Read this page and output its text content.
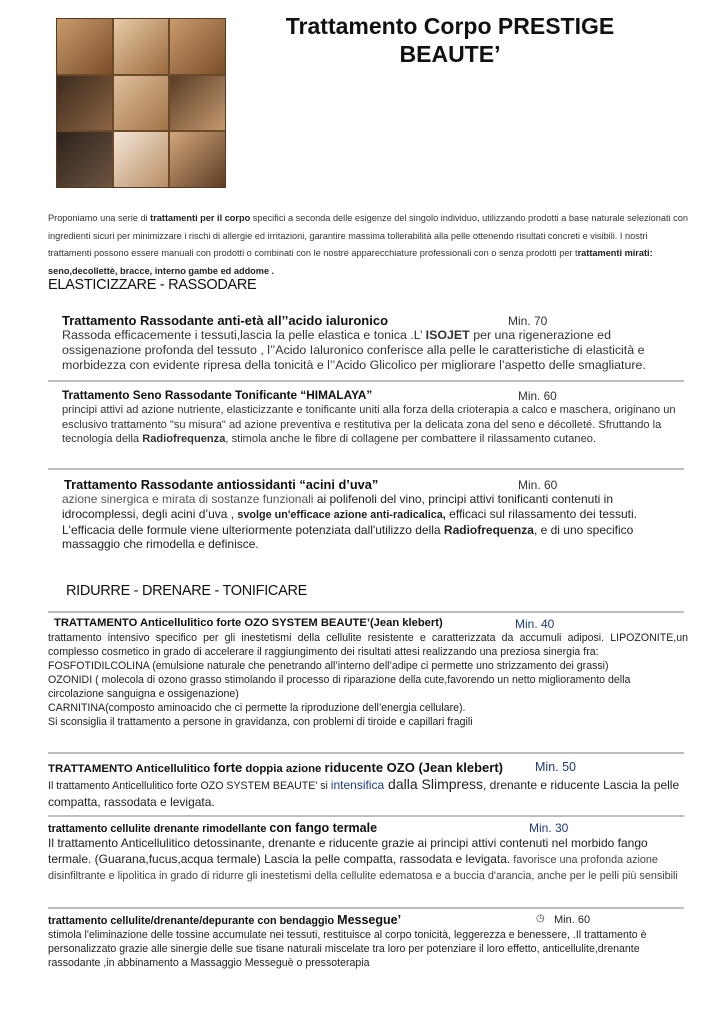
Trattamento Corpo PRESTIGE BEAUTE’
Proponiamo una serie di trattamenti per il corpo specifici a seconda delle esigenze del singolo individuo, utilizzando prodotti a base naturale selezionati con ingredienti sicuri per minimizzare i rischi di allergie ed irritazioni, garantire massima tollerabilità alla pelle ottenendo risultati concreti e visibili. I nostri trattamenti possono essere manuali con prodotti o combinati con le nostre apparecchiature professionali con o senza prodotti per trattamenti mirati: seno,decollettè, bracce, interno gambe ed addome .
ELASTICIZZARE - RASSODARE
Trattamento Rassodante anti-età all’’acido ialuronico	Min. 70
Rassoda efficacemente i tessuti,lascia la pelle elastica e tonica .L’ ISOJET per una rigenerazione ed ossigenazione profonda del tessuto , l’’Acido Ialuronico conferisce alla pelle le caratteristiche di elasticità e morbidezza con evidente ripresa della tonicità e l’’Acido Glicolico per migliorare l’aspetto delle smagliature.
Trattamento Seno Rassodante Tonificante “HIMALAYA”	Min. 60
principi attivi ad azione nutriente, elasticizzante e tonificante uniti alla forza della crioterapia a calco e maschera, originano un esclusivo trattamento "su misura" ad azione preventiva e restitutiva per la delicata zona del seno e décolleté. Sfruttando la tecnologia della Radiofrequenza, stimola anche le fibre di collagene per combattere il rilassamento cutaneo.
Trattamento Rassodante antiossidanti “acini d’uva”	Min. 60
azione sinergica e mirata di sostanze funzionali ai polifenoli del vino, principi attivi tonificanti contenuti in idrocomplessi, degli acini d’uva , svolge un'efficace azione anti-radicalica, efficaci sul rilassamento dei tessuti. L'efficacia delle formule viene ulteriormente potenziata dall'utilizzo della Radiofrequenza, e di uno specifico massaggio che rimodella e definisce.
RIDURRE - DRENARE - TONIFICARE
TRATTAMENTO Anticellulitico forte OZO SYSTEM BEAUTE’(Jean klebert)	Min. 40
trattamento intensivo specifico per gli inestetismi della cellulite resistente e caratterizzata da accumuli adiposi. LIPOZONITE,un complesso cosmetico in grado di accelerare il raggiungimento dei risultati attesi realizzando una preziosa sinergia fra:
FOSFOTIDILCOLINA (emulsione naturale che penetrando all’interno dell’adipe ci permette uno strizzamento dei grassi)
OZONIDI ( molecola di ozono grasso stimolando il processo di riparazione della cute,favorendo un netto miglioramento della circolazione sanguigna e ossigenazione)
CARNITINA(composto aminoacido che ci permette la riproduzione dell’energia cellulare).
Si sconsiglia il trattamento a persone in gravidanza, con problemi di tiroide e capillari fragili
TRATTAMENTO Anticellulitico forte doppia azione riducente OZO (Jean klebert)	Min. 50
Il trattamento Anticellulitico forte OZO SYSTEM BEAUTE’ si intensifica dalla Slimpress, drenante e riducente Lascia la pelle compatta, rassodata e levigata.
trattamento cellulite drenante rimodellante con fango termale	Min. 30
Il trattamento Anticellulitico detossinante, drenante e riducente grazie ai principi attivi contenuti nel morbido fango termale. (Guarana,fucus,acqua termale) Lascia la pelle compatta, rassodata e levigata. favorisce una profonda azione disinfiltrante e lipolitica in grado di ridurre gli inestetismi della cellulite edematosa e a buccia d'arancia, anche per le pelli più sensibili
trattamento cellulite/drenante/depurante con bendaggio Messegue’	◷ Min. 60
stimola l'eliminazione delle tossine accumulate nei tessuti, restituisce al corpo tonicità, leggerezza e benessere, .Il trattamento è personalizzato grazie alle sinergie delle sue tisane naturali miscelate tra loro per potenziare il loro effetto, anticellulite,drenante rassodante ,in abbinamento a Massaggio Messeguè o pressoterapia
